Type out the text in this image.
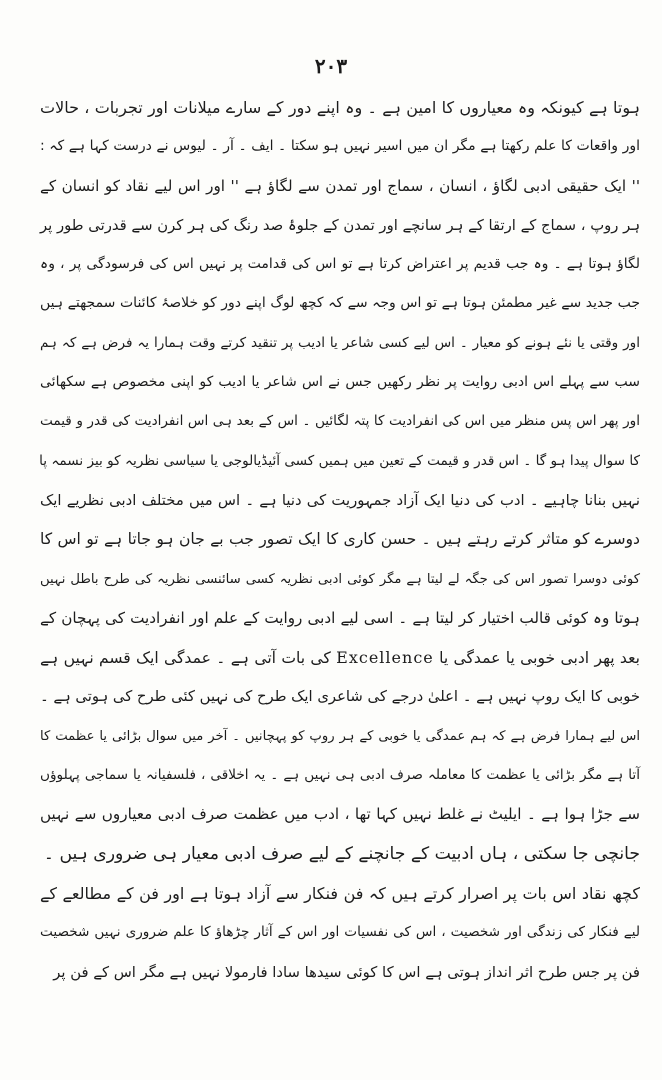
٢٠٣
ہوتا ہے کیونکہ وہ معیاروں کا امین ہے ۔ وہ اپنے دور کے سارے میلانات اور تجربات ، حالات
اور واقعات کا علم رکھتا ہے مگر ان میں اسیر نہیں ہو سکتا ۔ ایف ۔ آر ۔ لیوس نے درست کہا ہے کہ :
'' ایک حقیقی ادبی لگاؤ ، انسان ، سماج اور تمدن سے لگاؤ ہے '' اور اس لیے نقاد کو انسان کے
ہر روپ ، سماج کے ارتقا کے ہر سانچے اور تمدن کے جلوۂ صد رنگ کی ہر کرن سے قدرتی طور پر
لگاؤ ہوتا ہے ۔ وہ جب قدیم پر اعتراض کرتا ہے تو اس کی قدامت پر نہیں اس کی فرسودگی پر ، وہ
جب جدید سے غیر مطمئن ہوتا ہے تو اس وجہ سے کہ کچھ لوگ اپنے دور کو خلاصۂ کائنات سمجھتے ہیں
اور وقتی یا نئے ہونے کو معیار ۔ اس لیے کسی شاعر یا ادیب پر تنقید کرتے وقت ہمارا یہ فرض ہے کہ ہم
سب سے پہلے اس ادبی روایت پر نظر رکھیں جس نے اس شاعر یا ادیب کو اپنی مخصوص ہے سکھائی
اور پھر اس پس منظر میں اس کی انفرادیت کا پتہ لگائیں ۔ اس کے بعد ہی اس انفرادیت کی قدر و قیمت
کا سوال پیدا ہو گا ۔ اس قدر و قیمت کے تعین میں ہمیں کسی آئیڈیالوجی یا سیاسی نظریہ کو بیز نسمہ پا
نہیں بنانا چاہیے ۔ ادب کی دنیا ایک آزاد جمہوریت کی دنیا ہے ۔ اس میں مختلف ادبی نظریے ایک
دوسرے کو متاثر کرتے رہتے ہیں ۔ حسن کاری کا ایک تصور جب بے جان ہو جاتا ہے تو اس کا
کوئی دوسرا تصور اس کی جگہ لے لیتا ہے مگر کوئی ادبی نظریہ کسی سائنسی نظریہ کی طرح باطل نہیں
ہوتا وہ کوئی قالب اختیار کر لیتا ہے ۔ اسی لیے ادبی روایت کے علم اور انفرادیت کی پہچان کے
بعد پھر ادبی خوبی یا عمدگی یا Excellence کی بات آتی ہے ۔ عمدگی ایک قسم نہیں ہے
خوبی کا ایک روپ نہیں ہے ۔ اعلیٰ درجے کی شاعری ایک طرح کی نہیں کئی طرح کی ہوتی ہے ۔
اس لیے ہمارا فرض ہے کہ ہم عمدگی یا خوبی کے ہر روپ کو پہچانیں ۔ آخر میں سوال بڑائی یا عظمت کا
آتا ہے مگر بڑائی یا عظمت کا معاملہ صرف ادبی ہی نہیں ہے ۔ یہ اخلاقی ، فلسفیانہ یا سماجی پہلوؤں
سے جڑا ہوا ہے ۔ ایلیٹ نے غلط نہیں کہا تھا ، ادب میں عظمت صرف ادبی معیاروں سے نہیں
جانچی جا سکتی ، ہاں ادبیت کے جانچنے کے لیے صرف ادبی معیار ہی ضروری ہیں ۔
کچھ نقاد اس بات پر اصرار کرتے ہیں کہ فن فنکار سے آزاد ہوتا ہے اور فن کے مطالعے کے
لیے فنکار کی زندگی اور شخصیت ، اس کی نفسیات اور اس کے آثار چڑھاؤ کا علم ضروری نہیں شخصیت
فن پر جس طرح اثر انداز ہوتی ہے اس کا کوئی سیدھا سادا فارمولا نہیں ہے مگر اس کے فن پر
